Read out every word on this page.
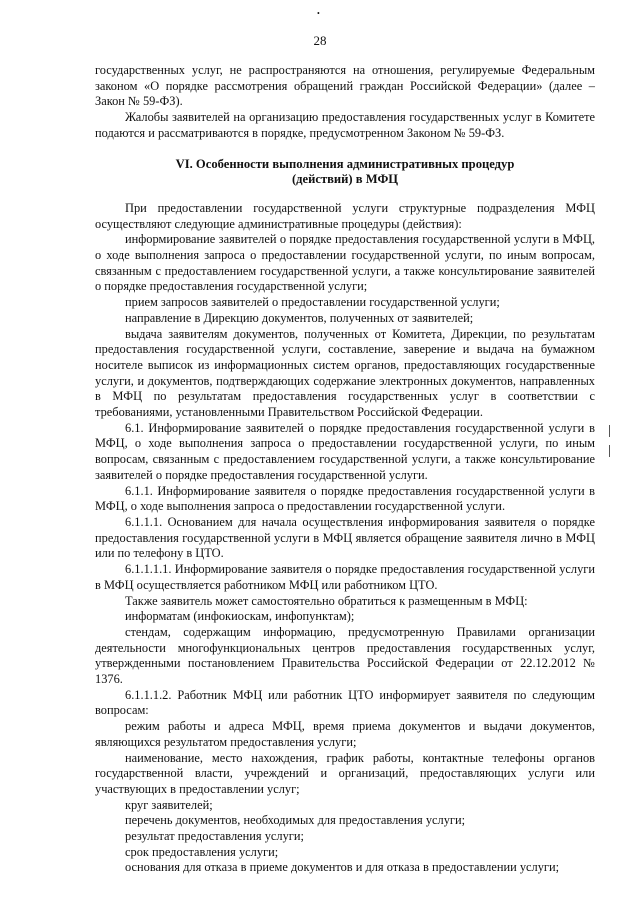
•
28

государственных услуг, не распространяются на отношения, регулируемые Федеральным законом «О порядке рассмотрения обращений граждан Российской Федерации» (далее – Закон № 59-ФЗ).

Жалобы заявителей на организацию предоставления государственных услуг в Комитете подаются и рассматриваются в порядке, предусмотренном Законом № 59-ФЗ.

VI. Особенности выполнения административных процедур
(действий) в МФЦ

При предоставлении государственной услуги структурные подразделения МФЦ осуществляют следующие административные процедуры (действия):

информирование заявителей о порядке предоставления государственной услуги в МФЦ, о ходе выполнения запроса о предоставлении государственной услуги, по иным вопросам, связанным с предоставлением государственной услуги, а также консультирование заявителей о порядке предоставления государственной услуги;

прием запросов заявителей о предоставлении государственной услуги;

направление в Дирекцию документов, полученных от заявителей;

выдача заявителям документов, полученных от Комитета, Дирекции, по результатам предоставления государственной услуги, составление, заверение и выдача на бумажном носителе выписок из информационных систем органов, предоставляющих государственные услуги, и документов, подтверждающих содержание электронных документов, направленных в МФЦ по результатам предоставления государственных услуг в соответствии с требованиями, установленными Правительством Российской Федерации.

6.1. Информирование заявителей о порядке предоставления государственной услуги в МФЦ, о ходе выполнения запроса о предоставлении государственной услуги, по иным вопросам, связанным с предоставлением государственной услуги, а также консультирование заявителей о порядке предоставления государственной услуги.

6.1.1. Информирование заявителя о порядке предоставления государственной услуги в МФЦ, о ходе выполнения запроса о предоставлении государственной услуги.

6.1.1.1. Основанием для начала осуществления информирования заявителя о порядке предоставления государственной услуги в МФЦ является обращение заявителя лично в МФЦ или по телефону в ЦТО.

6.1.1.1.1. Информирование заявителя о порядке предоставления государственной услуги в МФЦ осуществляется работником МФЦ или работником ЦТО.

Также заявитель может самостоятельно обратиться к размещенным в МФЦ:

информатам (инфокиоскам, инфопунктам);

стендам, содержащим информацию, предусмотренную Правилами организации деятельности многофункциональных центров предоставления государственных услуг, утвержденными постановлением Правительства Российской Федерации от 22.12.2012 № 1376.

6.1.1.1.2. Работник МФЦ или работник ЦТО информирует заявителя по следующим вопросам:

режим работы и адреса МФЦ, время приема документов и выдачи документов, являющихся результатом предоставления услуги;

наименование, место нахождения, график работы, контактные телефоны органов государственной власти, учреждений и организаций, предоставляющих услуги или участвующих в предоставлении услуг;

круг заявителей;

перечень документов, необходимых для предоставления услуги;

результат предоставления услуги;

срок предоставления услуги;

основания для отказа в приеме документов и для отказа в предоставлении услуги;
